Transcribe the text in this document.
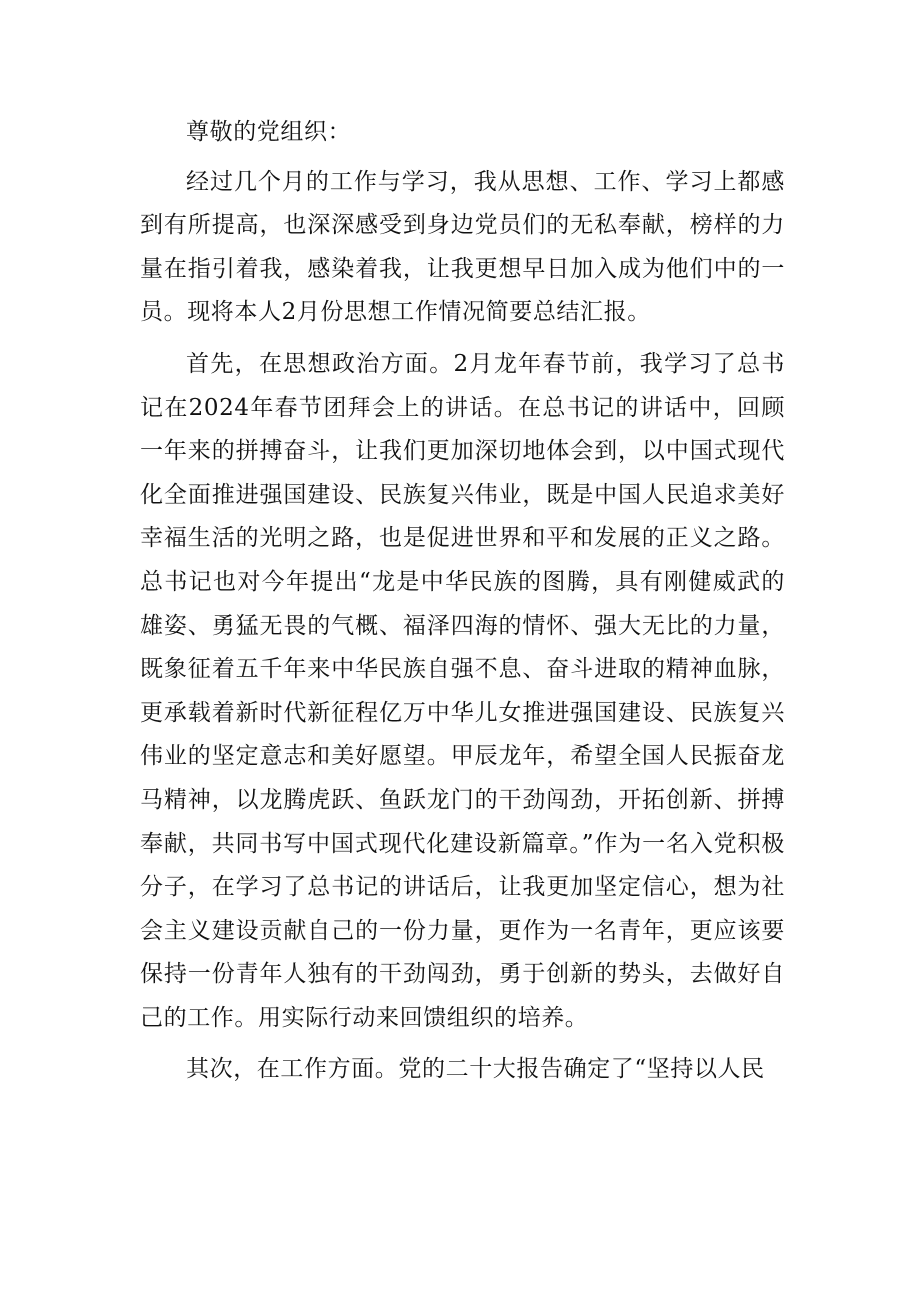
尊敬的党组织：

经过几个月的工作与学习，我从思想、工作、学习上都感到有所提高，也深深感受到身边党员们的无私奉献，榜样的力量在指引着我，感染着我，让我更想早日加入成为他们中的一员。现将本人2月份思想工作情况简要总结汇报。

首先，在思想政治方面。2月龙年春节前，我学习了总书记在2024年春节团拜会上的讲话。在总书记的讲话中，回顾一年来的拼搏奋斗，让我们更加深切地体会到，以中国式现代化全面推进强国建设、民族复兴伟业，既是中国人民追求美好幸福生活的光明之路，也是促进世界和平和发展的正义之路。总书记也对今年提出“龙是中华民族的图腾，具有刚健威武的雄姿、勇猛无畏的气概、福泽四海的情怀、强大无比的力量，既象征着五千年来中华民族自强不息、奋斗进取的精神血脉，更承载着新时代新征程亿万中华儿女推进强国建设、民族复兴伟业的坚定意志和美好愿望。甲辰龙年，希望全国人民振奋龙马精神，以龙腾虎跃、鱼跃龙门的干劲闯劲，开拓创新、拼搏奉献，共同书写中国式现代化建设新篇章。”作为一名入党积极分子，在学习了总书记的讲话后，让我更加坚定信心，想为社会主义建设贡献自己的一份力量，更作为一名青年，更应该要保持一份青年人独有的干劲闯劲，勇于创新的势头，去做好自己的工作。用实际行动来回馈组织的培养。

其次，在工作方面。党的二十大报告确定了“坚持以人民
